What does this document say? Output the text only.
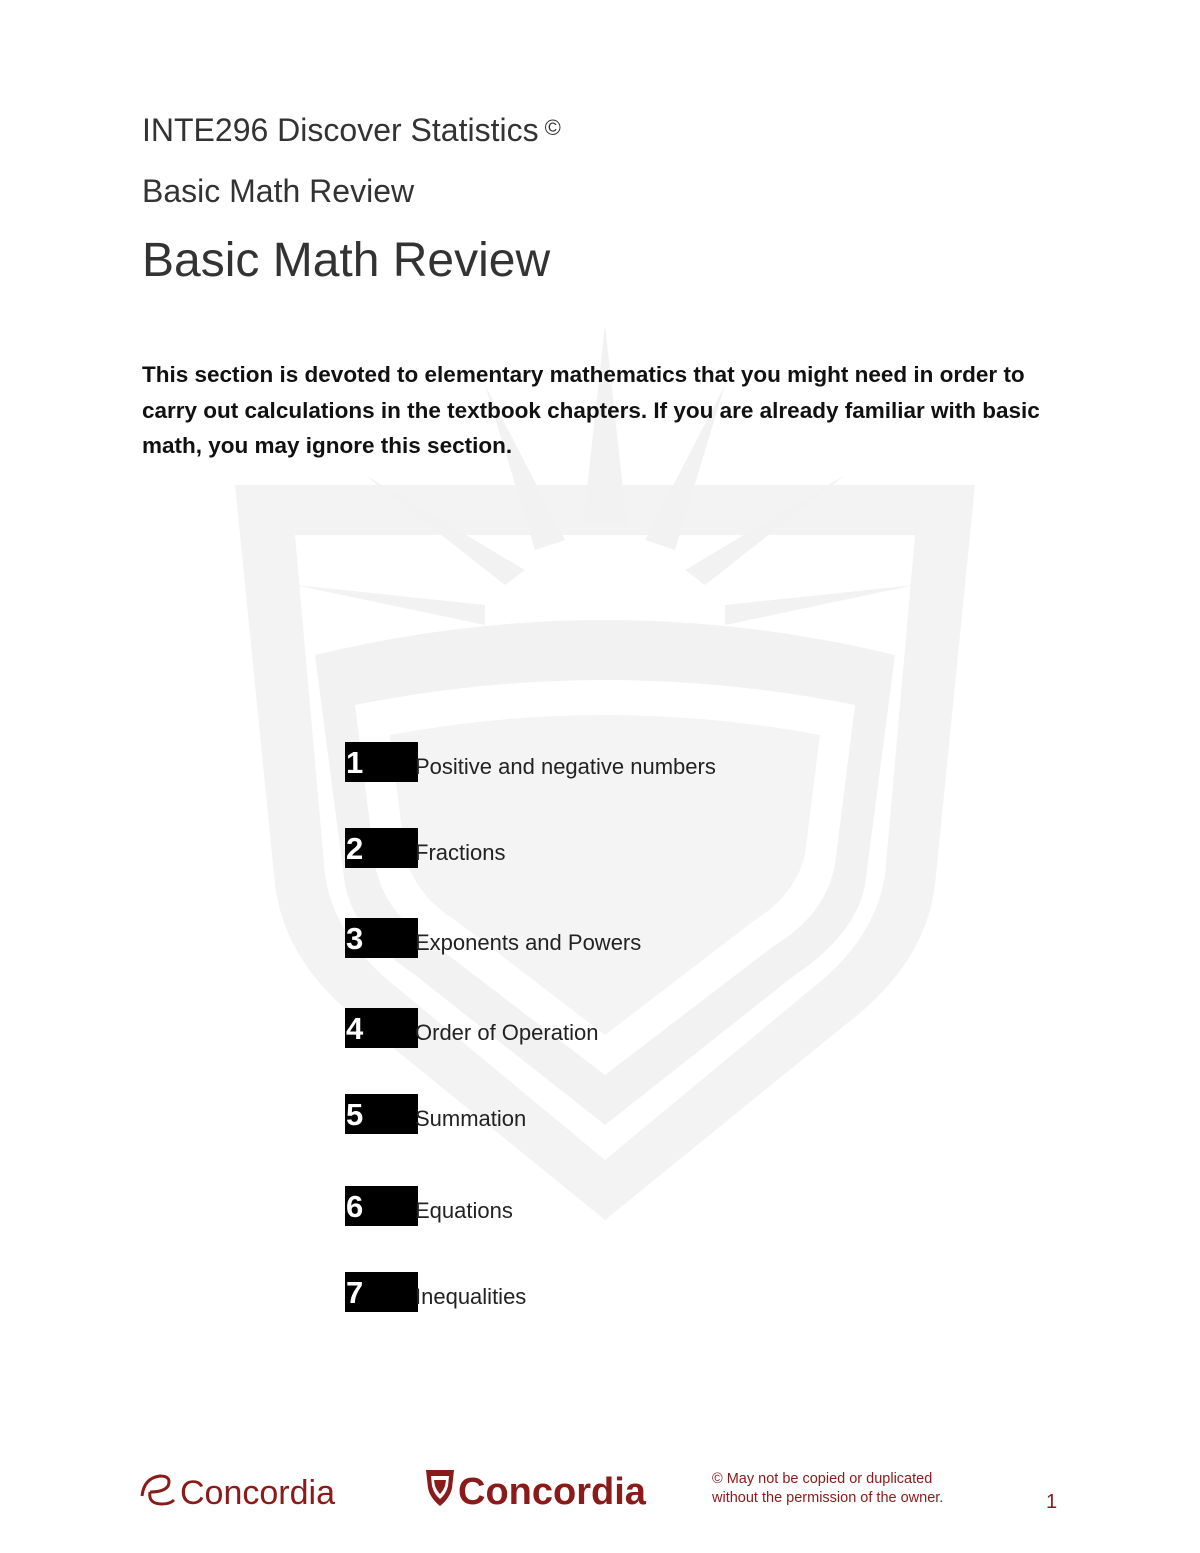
INTE296 Discover Statistics ©
Basic Math Review
Basic Math Review

This section is devoted to elementary mathematics that you might need in order to carry out calculations in the textbook chapters. If you are already familiar with basic math, you may ignore this section.

1	Positive and negative numbers
2	Fractions
3	Exponents and Powers
4	Order of Operation
5	Summation
6	Equations
7	Inequalities
Concordia	Concordia	© May not be copied or duplicated without the permission of the owner.	1
